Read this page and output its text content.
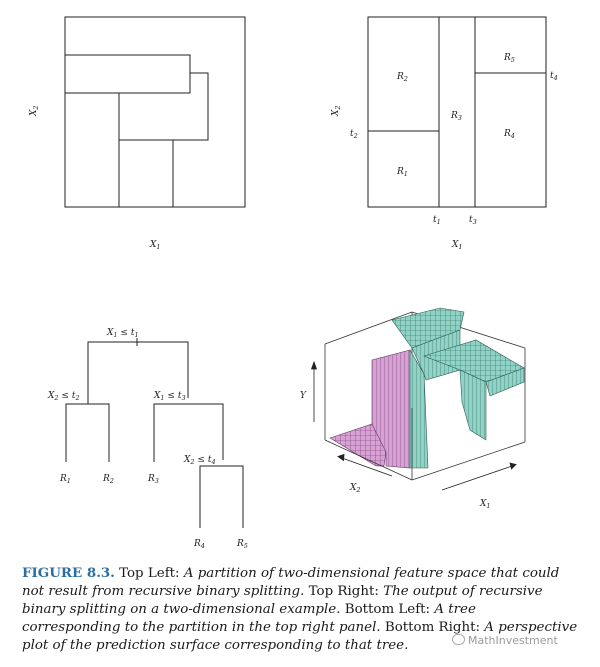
$X_1$
$X_2$
$R_2$
$R_1$
$R_3$
$R_5$
$R_4$
$t_1$	$t_3$
$t_2$
$t_4$
$X_1$
$X_2$
$X_1 \le t_1$
$X_2 \le t_2$	$X_1 \le t_3$
$X_2 \le t_4$
$R_1$	$R_2$	$R_3$
$R_4$	$R_5$
Y
$X_2$
$X_1$
FIGURE 8.3. Top Left: A partition of two-dimensional feature space that could not result from recursive binary splitting. Top Right: The output of recursive binary splitting on a two-dimensional example. Bottom Left: A tree corresponding to the partition in the top right panel. Bottom Right: A perspective plot of the prediction surface corresponding to that tree.	MathInvestment
